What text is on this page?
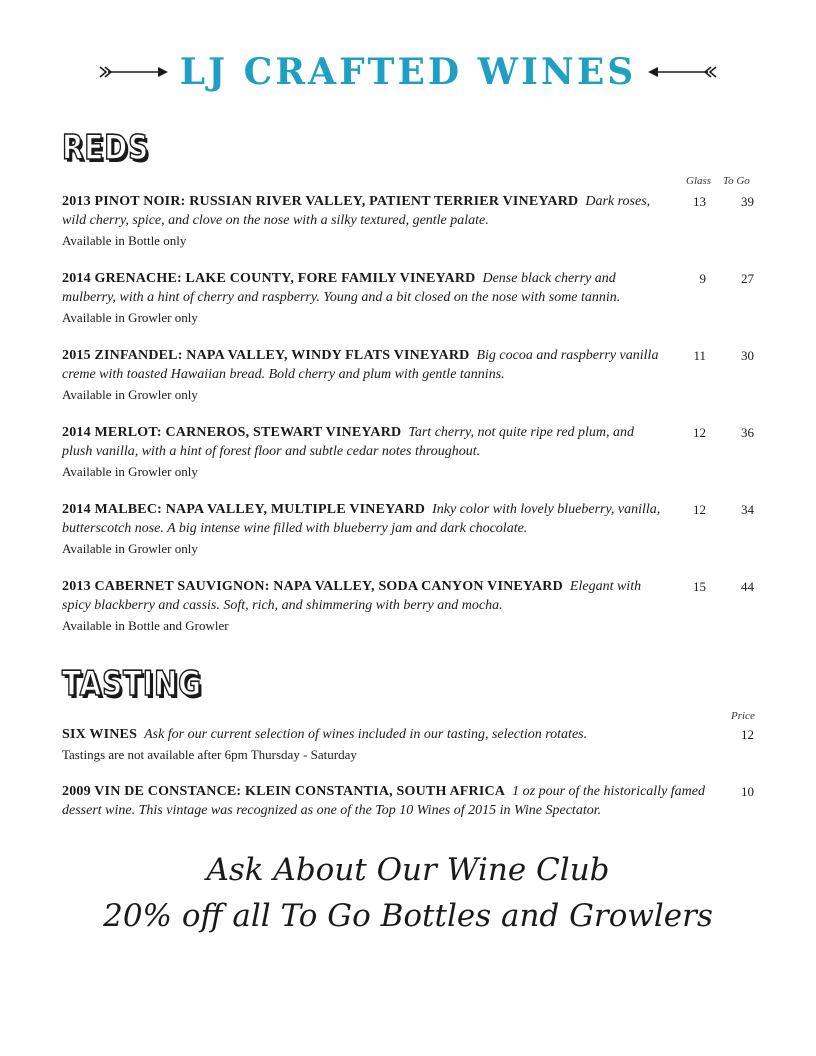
LJ CRAFTED WINES
REDS
Glass To Go
2013 PINOT NOIR: RUSSIAN RIVER VALLEY, PATIENT TERRIER VINEYARD Dark roses, wild cherry, spice, and clove on the nose with a silky textured, gentle palate.
Available in Bottle only
13	39
2014 GRENACHE: LAKE COUNTY, FORE FAMILY VINEYARD Dense black cherry and mulberry, with a hint of cherry and raspberry. Young and a bit closed on the nose with some tannin.
Available in Growler only
9	27
2015 ZINFANDEL: NAPA VALLEY, WINDY FLATS VINEYARD Big cocoa and raspberry vanilla creme with toasted Hawaiian bread. Bold cherry and plum with gentle tannins.
Available in Growler only
11	30
2014 MERLOT: CARNEROS, STEWART VINEYARD Tart cherry, not quite ripe red plum, and plush vanilla, with a hint of forest floor and subtle cedar notes throughout.
Available in Growler only
12	36
2014 MALBEC: NAPA VALLEY, MULTIPLE VINEYARD Inky color with lovely blueberry, vanilla, butterscotch nose. A big intense wine filled with blueberry jam and dark chocolate.
Available in Growler only
12	34
2013 CABERNET SAUVIGNON: NAPA VALLEY, SODA CANYON VINEYARD Elegant with spicy blackberry and cassis. Soft, rich, and shimmering with berry and mocha.
Available in Bottle and Growler
15	44
TASTING
Price
SIX WINES Ask for our current selection of wines included in our tasting, selection rotates.
Tastings are not available after 6pm Thursday - Saturday
12
2009 VIN DE CONSTANCE: KLEIN CONSTANTIA, SOUTH AFRICA 1 oz pour of the historically famed dessert wine. This vintage was recognized as one of the Top 10 Wines of 2015 in Wine Spectator.
10
Ask About Our Wine Club
20% off all To Go Bottles and Growlers
